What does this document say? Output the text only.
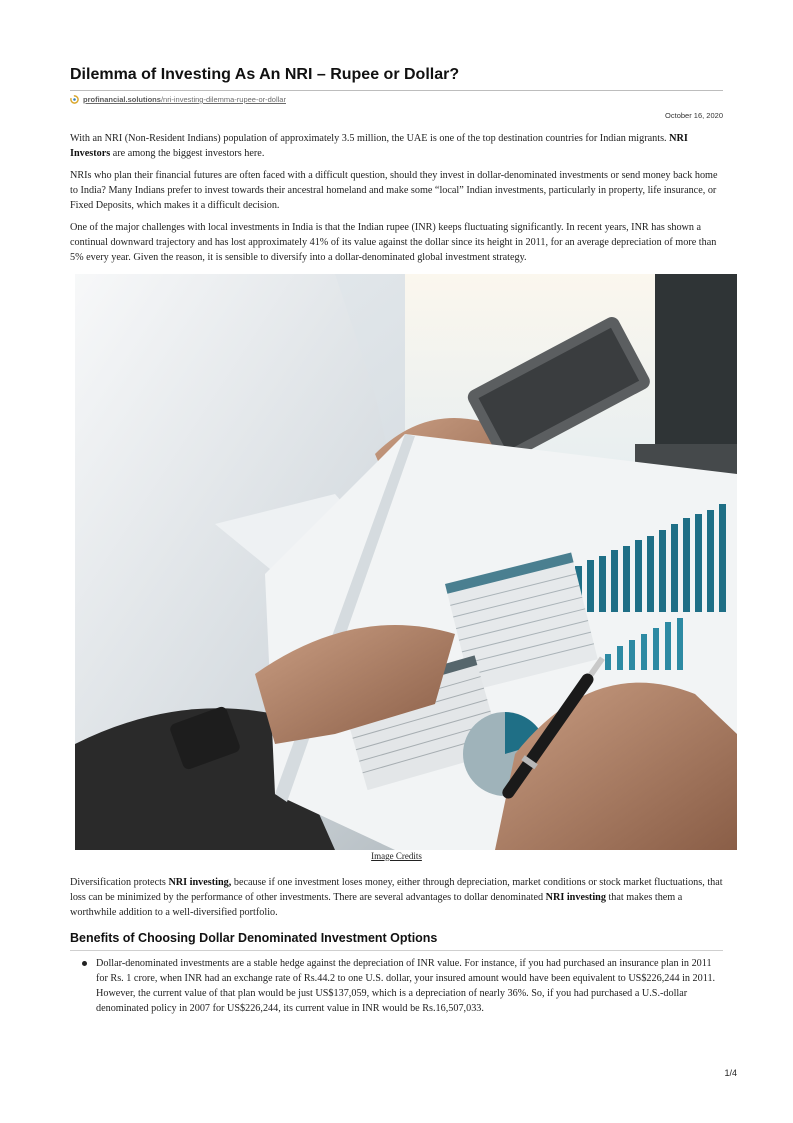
Dilemma of Investing As An NRI – Rupee or Dollar?
profinancial.solutions/nri-investing-dilemma-rupee-or-dollar
October 16, 2020

With an NRI (Non-Resident Indians) population of approximately 3.5 million, the UAE is one of the top destination countries for Indian migrants. NRI Investors are among the biggest investors here.

NRIs who plan their financial futures are often faced with a difficult question, should they invest in dollar-denominated investments or send money back home to India? Many Indians prefer to invest towards their ancestral homeland and make some “local” Indian investments, particularly in property, life insurance, or Fixed Deposits, which makes it a difficult decision.

One of the major challenges with local investments in India is that the Indian rupee (INR) keeps fluctuating significantly. In recent years, INR has shown a continual downward trajectory and has lost approximately 41% of its value against the dollar since its height in 2011, for an average depreciation of more than 5% every year. Given the reason, it is sensible to diversify into a dollar-denominated global investment strategy.

Image Credits

Diversification protects NRI investing, because if one investment loses money, either through depreciation, market conditions or stock market fluctuations, that loss can be minimized by the performance of other investments. There are several advantages to dollar denominated NRI investing that makes them a worthwhile addition to a well-diversified portfolio.

Benefits of Choosing Dollar Denominated Investment Options
Dollar-denominated investments are a stable hedge against the depreciation of INR value. For instance, if you had purchased an insurance plan in 2011 for Rs. 1 crore, when INR had an exchange rate of Rs.44.2 to one U.S. dollar, your insured amount would have been equivalent to US$226,244 in 2011. However, the current value of that plan would be just US$137,059, which is a depreciation of nearly 36%. So, if you had purchased a U.S.-dollar denominated policy in 2007 for US$226,244, its current value in INR would be Rs.16,507,033.
1/4
